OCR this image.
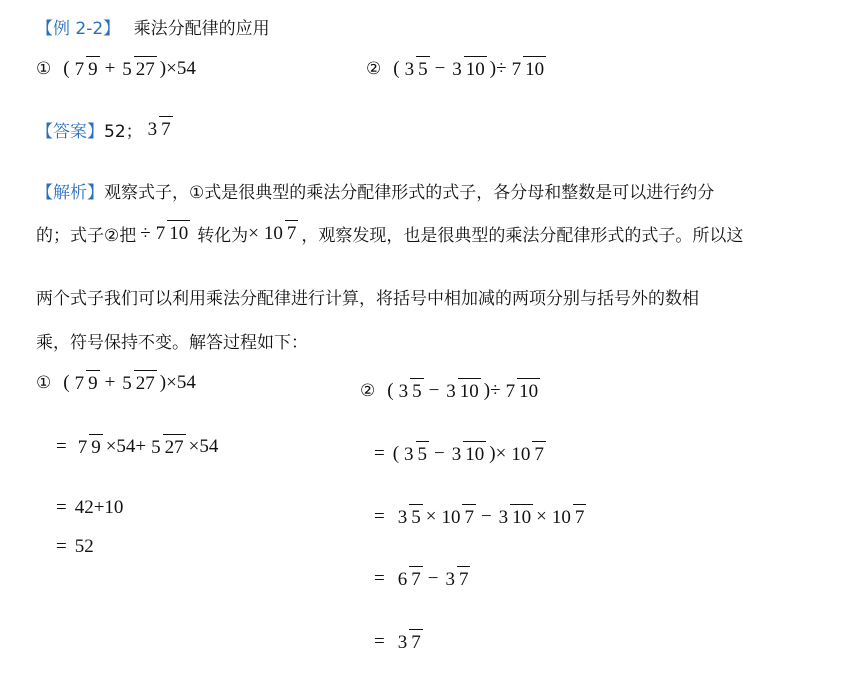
【例 2-2】 乘法分配律的应用
① ( 7 9 + 5 27 ) × 54	② ( 3 5 − 3 10 ) ÷ 7 10
【答案】 52； 3 7
【解析】观察式子，①式是很典型的乘法分配律形式的式子，各分母和整数是可以进行约分
的；式子②把 ÷ 7 10 转化为 × 10 7 ，观察发现，也是很典型的乘法分配律形式的式子。所以这
两个式子我们可以利用乘法分配律进行计算，将括号中相加减的两项分别与括号外的数相
乘，符号保持不变。解答过程如下：
① ( 7 9 + 5 27 ) × 54
= 7 9 ×54+ 5 27 ×54
= 42+10
= 52
② ( 3 5 − 3 10 ) ÷ 7 10
= ( 3 5 − 3 10 ) × 10 7
= 3 5 × 10 7 − 3 10 × 10 7
= 6 7 − 3 7
= 3 7
